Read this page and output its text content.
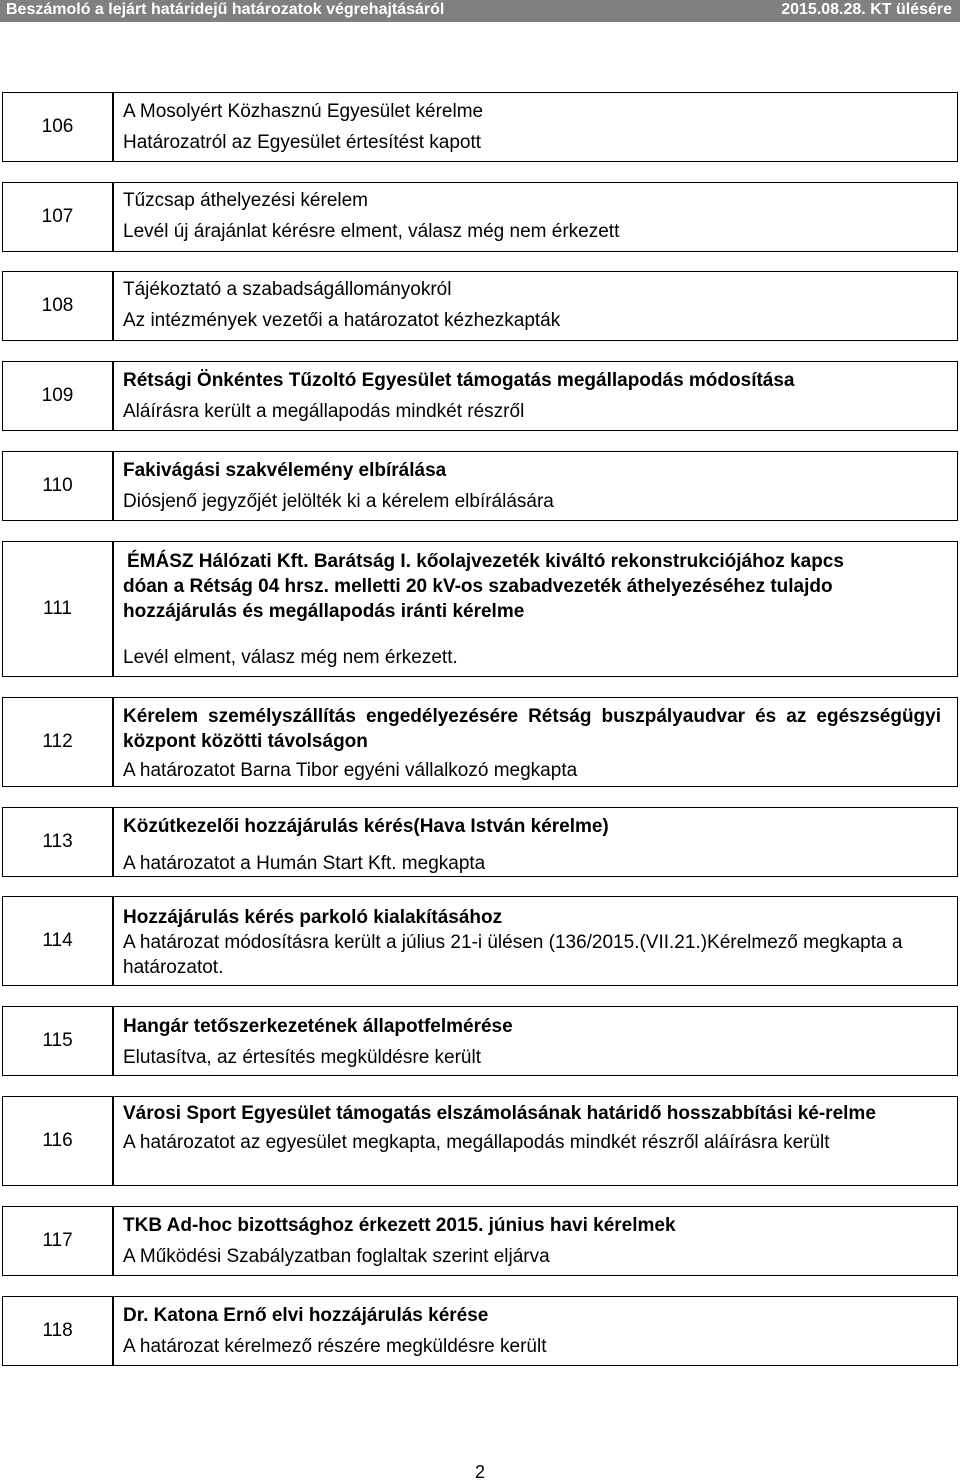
Beszámoló a lejárt határidejű határozatok végrehajtásáról	2015.08.28. KT ülésére
106
A Mosolyért Közhasznú Egyesület kérelme
Határozatról az Egyesület értesítést kapott
107
Tűzcsap áthelyezési kérelem
Levél új árajánlat kérésre elment, válasz még nem érkezett
108
Tájékoztató a szabadságállományokról
Az intézmények vezetői a határozatot kézhezkapták
109
Rétsági Önkéntes Tűzoltó Egyesület támogatás megállapodás módosítása
Aláírásra került a megállapodás mindkét részről
110
Fakivágási szakvélemény elbírálása
Diósjenő jegyzőjét jelölték ki a kérelem elbírálására
111
ÉMÁSZ Hálózati Kft. Barátság I. kőolajvezeték kiváltó rekonstrukciójához kapcs
dóan a Rétság 04 hrsz. melletti 20 kV-os szabadvezeték áthelyezéséhez tulajdo
hozzájárulás és megállapodás iránti kérelme
Levél elment, válasz még nem érkezett.
112
Kérelem személyszállítás engedélyezésére Rétság buszpályaudvar és az egészségügyi központ közötti távolságon
A határozatot Barna Tibor egyéni vállalkozó megkapta
113
Közútkezelői hozzájárulás kérés(Hava István kérelme)
A határozatot a Humán Start Kft. megkapta
114
Hozzájárulás kérés parkoló kialakításához
A határozat módosításra került a július 21-i ülésen (136/2015.(VII.21.)Kérelmező megkapta a határozatot.
115
Hangár tetőszerkezetének állapotfelmérése
Elutasítva, az értesítés megküldésre került
116
Városi Sport Egyesület támogatás elszámolásának határidő hosszabbítási ké-relme
A határozatot az egyesület megkapta, megállapodás mindkét részről aláírásra került
117
TKB Ad-hoc bizottsághoz érkezett 2015. június havi kérelmek
A Működési Szabályzatban foglaltak szerint eljárva
118
Dr. Katona Ernő elvi hozzájárulás kérése
A határozat kérelmező részére megküldésre került
2
